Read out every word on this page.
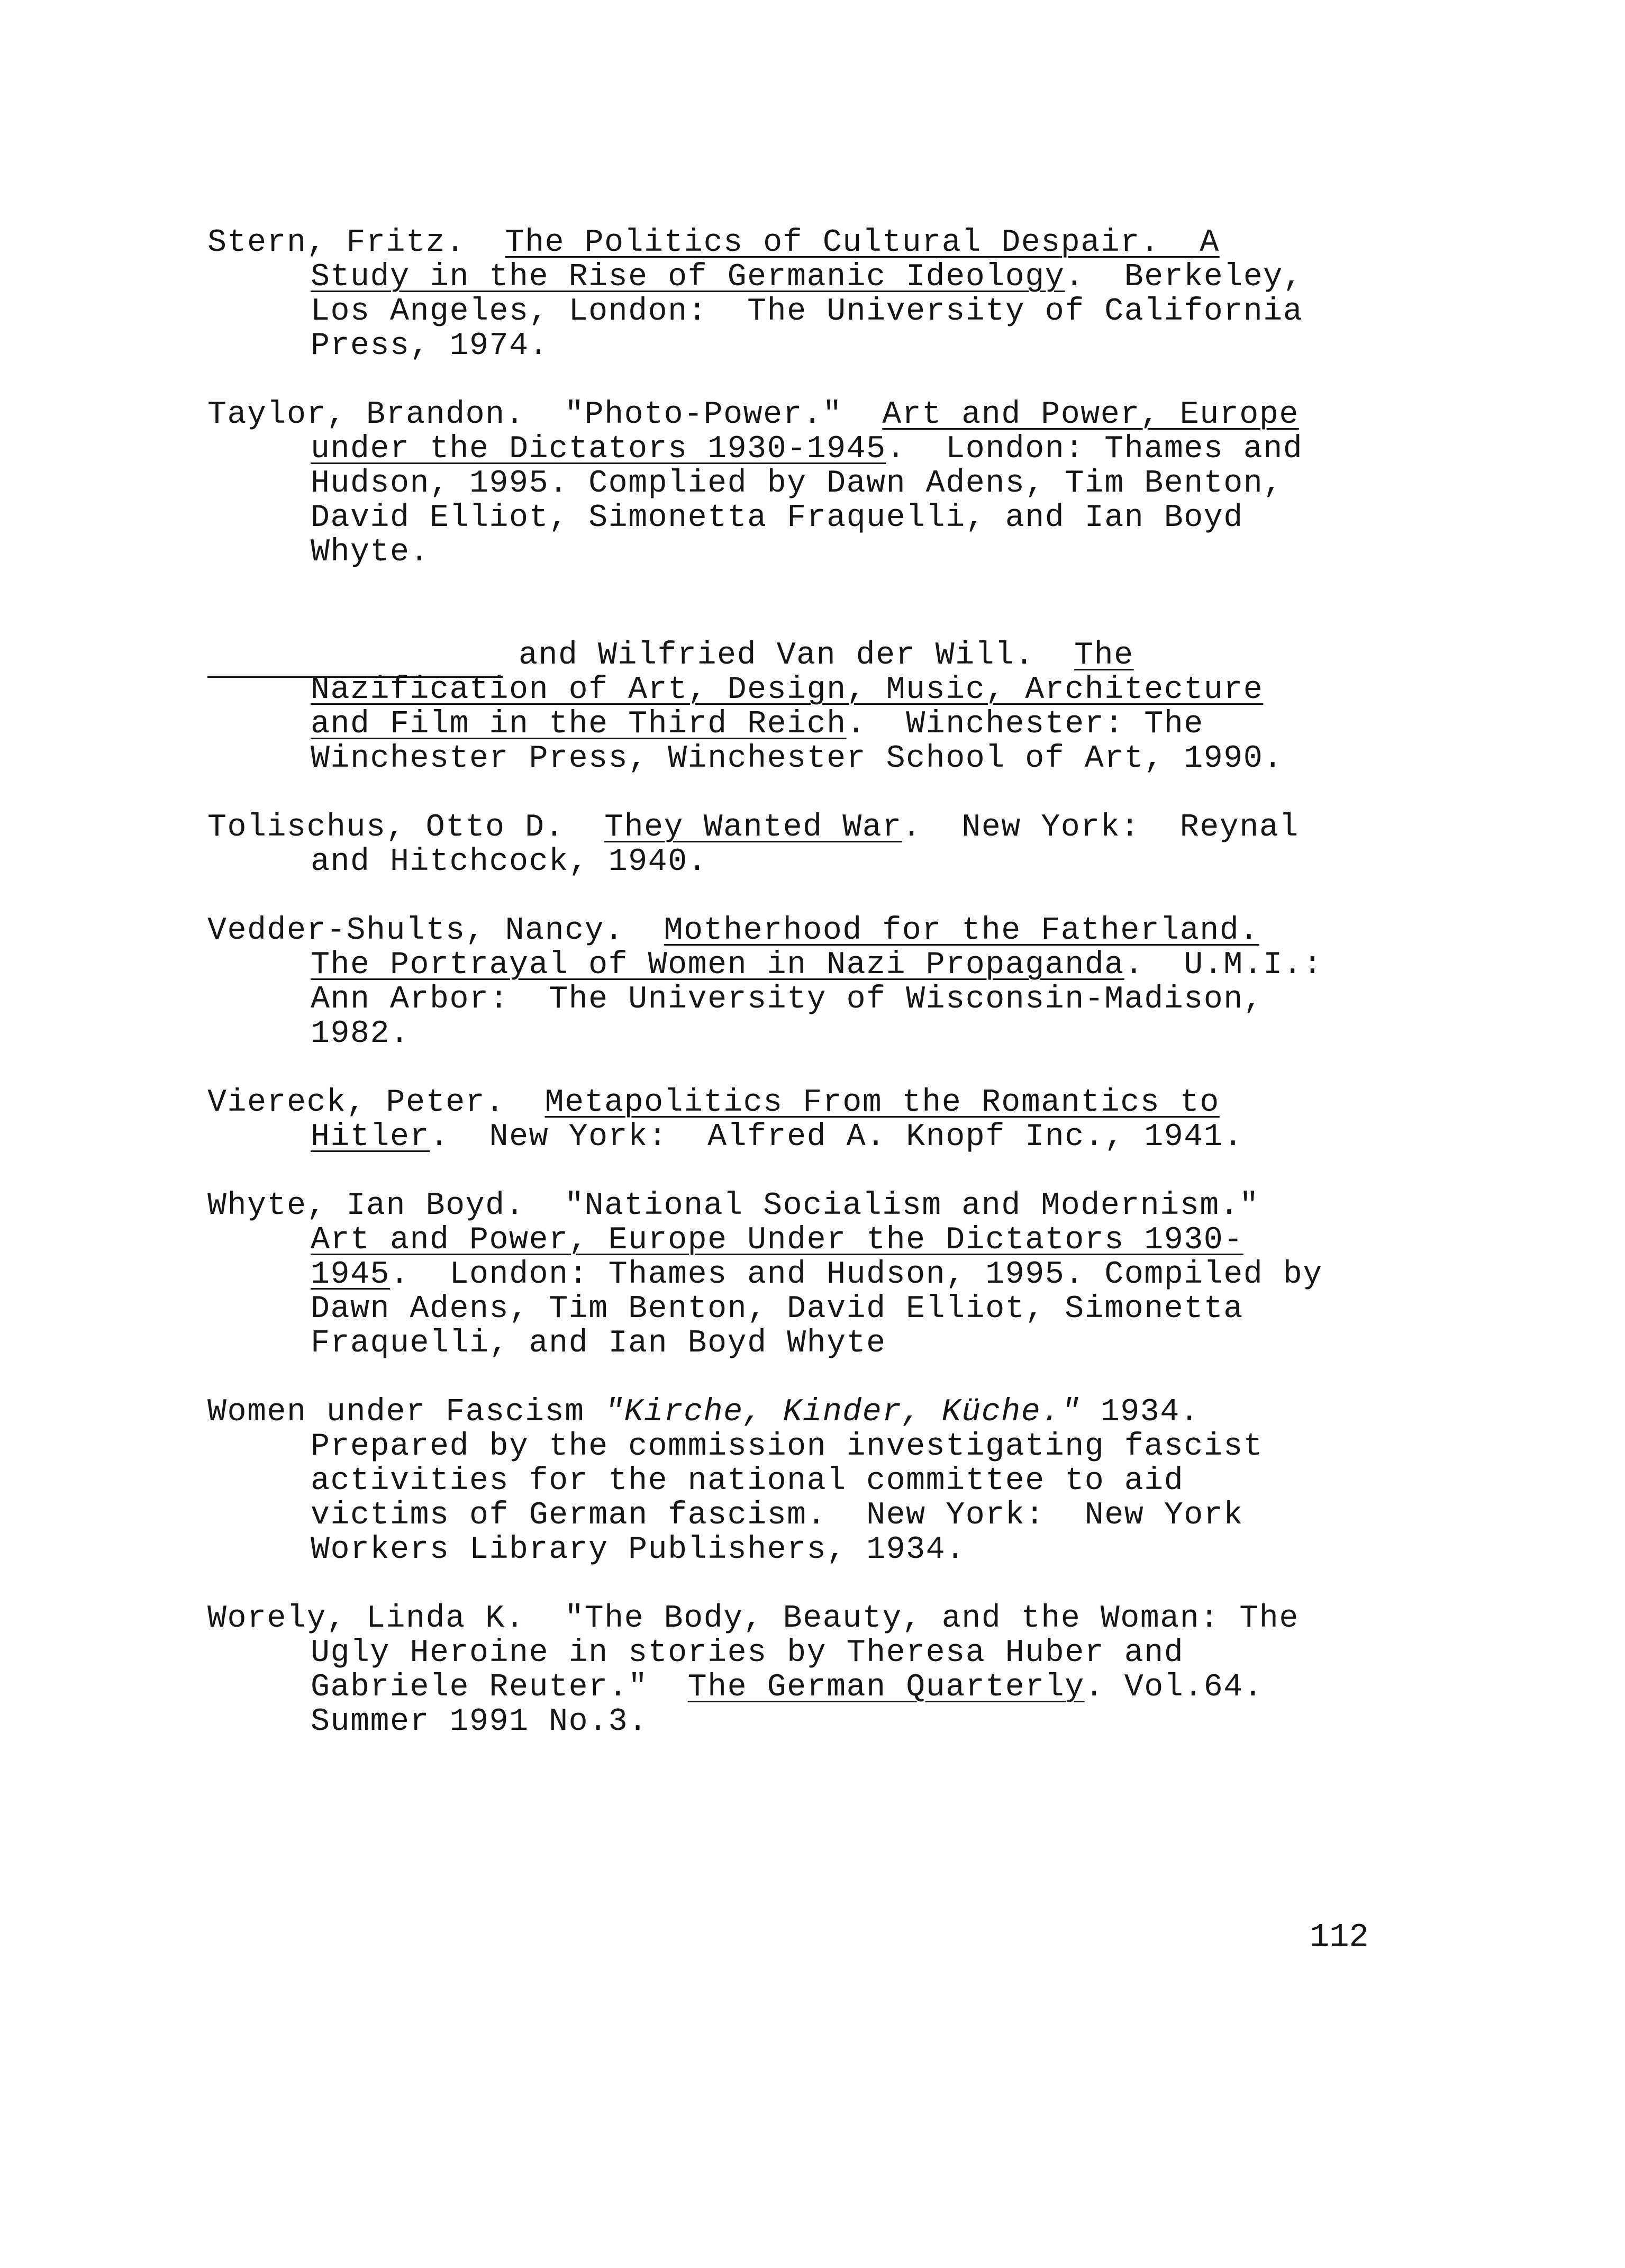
Stern, Fritz.  The Politics of Cultural Despair.  A
Study in the Rise of Germanic Ideology.  Berkeley,
Los Angeles, London:  The University of California
Press, 1974.
Taylor, Brandon.  "Photo-Power."  Art and Power, Europe
under the Dictators 1930-1945.  London: Thames and
Hudson, 1995. Complied by Dawn Adens, Tim Benton,
David Elliot, Simonetta Fraquelli, and Ian Boyd
Whyte.
and Wilfried Van der Will.  The
Nazification of Art, Design, Music, Architecture
and Film in the Third Reich.  Winchester: The
Winchester Press, Winchester School of Art, 1990.
Tolischus, Otto D.  They Wanted War.  New York:  Reynal
and Hitchcock, 1940.
Vedder-Shults, Nancy.  Motherhood for the Fatherland.
The Portrayal of Women in Nazi Propaganda.  U.M.I.:
Ann Arbor:  The University of Wisconsin-Madison,
1982.
Viereck, Peter.  Metapolitics From the Romantics to
Hitler.  New York:  Alfred A. Knopf Inc., 1941.
Whyte, Ian Boyd.  "National Socialism and Modernism."
Art and Power, Europe Under the Dictators 1930-
1945.  London: Thames and Hudson, 1995. Compiled by
Dawn Adens, Tim Benton, David Elliot, Simonetta
Fraquelli, and Ian Boyd Whyte
Women under Fascism "Kirche, Kinder, Küche." 1934.
Prepared by the commission investigating fascist
activities for the national committee to aid
victims of German fascism.  New York:  New York
Workers Library Publishers, 1934.
Worely, Linda K.  "The Body, Beauty, and the Woman: The
Ugly Heroine in stories by Theresa Huber and
Gabriele Reuter."  The German Quarterly. Vol.64.
Summer 1991 No.3.
112
